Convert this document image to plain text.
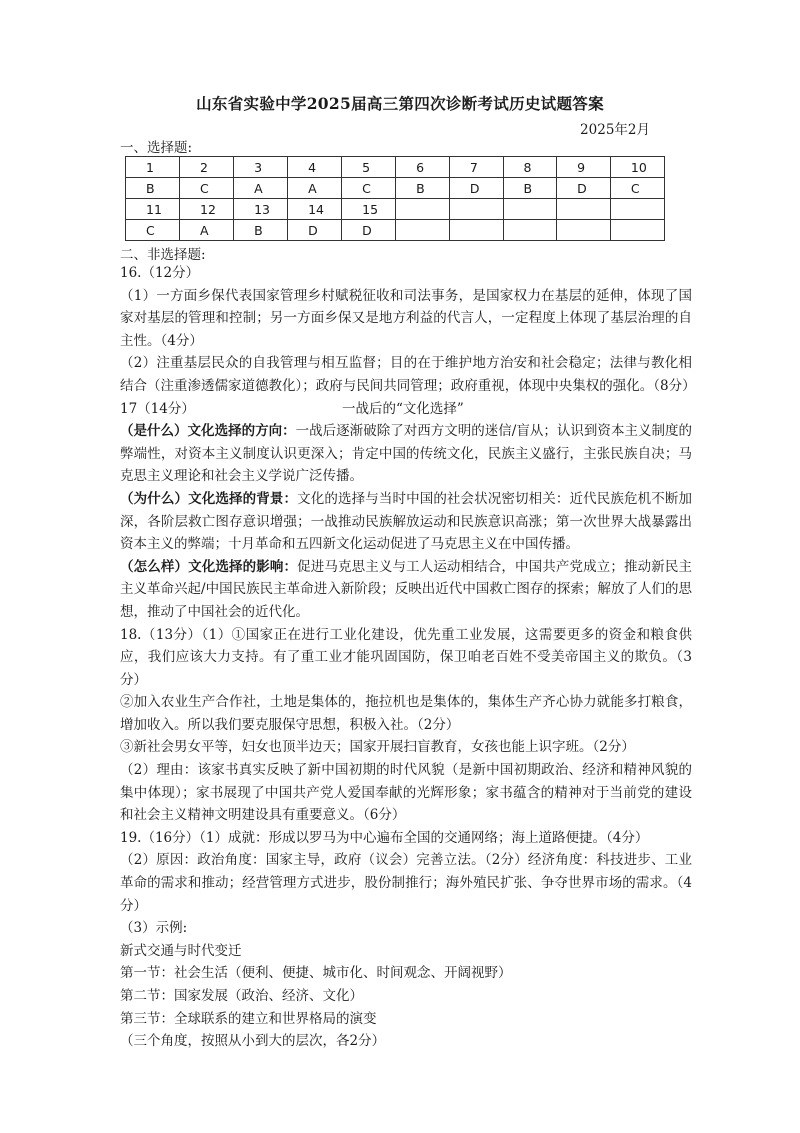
山东省实验中学2025届高三第四次诊断考试历史试题答案
2025年2月
一、选择题:
1	2	3	4	5	6	7	8	9	10
B	C	A	A	C	B	D	B	D	C
11	12	13	14	15					
C	A	B	D	D					
二、非选择题:

16.（12分）

（1）一方面乡保代表国家管理乡村赋税征收和司法事务，是国家权力在基层的延伸，体现了国家对基层的管理和控制；另一方面乡保又是地方利益的代言人，一定程度上体现了基层治理的自主性。（4分）

（2）注重基层民众的自我管理与相互监督；目的在于维护地方治安和社会稳定；法律与教化相结合（注重渗透儒家道德教化）；政府与民间共同管理；政府重视，体现中央集权的强化。（8分）

17（14分）	一战后的“文化选择”

（是什么）文化选择的方向：一战后逐渐破除了对西方文明的迷信/盲从；认识到资本主义制度的弊端性，对资本主义制度认识更深入；肯定中国的传统文化，民族主义盛行，主张民族自决；马克思主义理论和社会主义学说广泛传播。

（为什么）文化选择的背景：文化的选择与当时中国的社会状况密切相关：近代民族危机不断加深，各阶层救亡图存意识增强；一战推动民族解放运动和民族意识高涨；第一次世界大战暴露出资本主义的弊端；十月革命和五四新文化运动促进了马克思主义在中国传播。

（怎么样）文化选择的影响：促进马克思主义与工人运动相结合，中国共产党成立；推动新民主主义革命兴起/中国民族民主革命进入新阶段；反映出近代中国救亡图存的探索；解放了人们的思想，推动了中国社会的近代化。

18.（13分）（1）①国家正在进行工业化建设，优先重工业发展，这需要更多的资金和粮食供应，我们应该大力支持。有了重工业才能巩固国防，保卫咱老百姓不受美帝国主义的欺负。（3分）

②加入农业生产合作社，土地是集体的，拖拉机也是集体的，集体生产齐心协力就能多打粮食，增加收入。所以我们要克服保守思想，积极入社。（2分）

③新社会男女平等，妇女也顶半边天；国家开展扫盲教育，女孩也能上识字班。（2分）

（2）理由：该家书真实反映了新中国初期的时代风貌（是新中国初期政治、经济和精神风貌的集中体现）；家书展现了中国共产党人爱国奉献的光辉形象；家书蕴含的精神对于当前党的建设和社会主义精神文明建设具有重要意义。（6分）

19.（16分）（1）成就：形成以罗马为中心遍布全国的交通网络；海上道路便捷。（4分）

（2）原因：政治角度：国家主导，政府（议会）完善立法。（2分）经济角度：科技进步、工业革命的需求和推动；经营管理方式进步，股份制推行；海外殖民扩张、争夺世界市场的需求。（4分）

（3）示例:

新式交通与时代变迁

第一节：社会生活（便利、便捷、城市化、时间观念、开阔视野）

第二节：国家发展（政治、经济、文化）

第三节：全球联系的建立和世界格局的演变

（三个角度，按照从小到大的层次，各2分）
